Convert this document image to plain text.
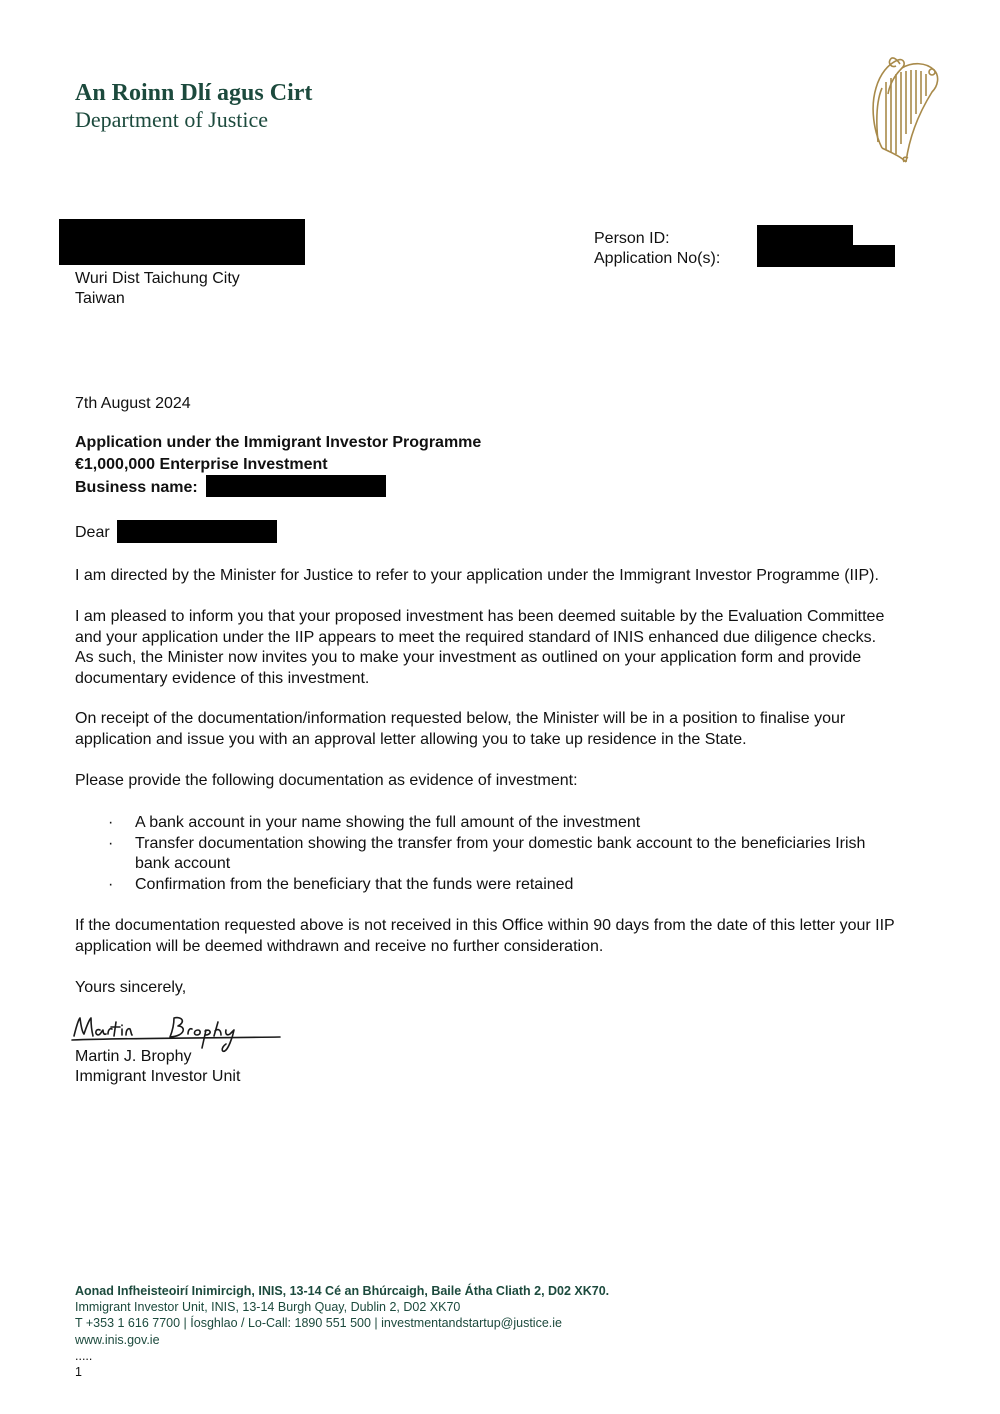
An Roinn Dlí agus Cirt
Department of Justice
Wuri Dist Taichung City
Taiwan
Person ID:
Application No(s):
7th August 2024
Application under the Immigrant Investor Programme
€1,000,000 Enterprise Investment
Business name:
Dear

I am directed by the Minister for Justice to refer to your application under the Immigrant Investor Programme (IIP).

I am pleased to inform you that your proposed investment has been deemed suitable by the Evaluation Committee

and your application under the IIP appears to meet the required standard of INIS enhanced due diligence checks.

As such, the Minister now invites you to make your investment as outlined on your application form and provide

documentary evidence of this investment.

On receipt of the documentation/information requested below, the Minister will be in a position to finalise your

application and issue you with an approval letter allowing you to take up residence in the State.

Please provide the following documentation as evidence of investment:

· A bank account in your name showing the full amount of the investment
· Transfer documentation showing the transfer from your domestic bank account to the beneficiaries Irish
bank account
· Confirmation from the beneficiary that the funds were retained

If the documentation requested above is not received in this Office within 90 days from the date of this letter your IIP

application will be deemed withdrawn and receive no further consideration.

Yours sincerely,
Martin J. Brophy
Immigrant Investor Unit

Aonad Infheisteoirí Inimircigh, INIS, 13-14 Cé an Bhúrcaigh, Baile Átha Cliath 2, D02 XK70.

Immigrant Investor Unit, INIS, 13-14 Burgh Quay, Dublin 2, D02 XK70

T +353 1 616 7700 | Íosghlao / Lo-Call: 1890 551 500 | investmentandstartup@justice.ie

www.inis.gov.ie

.....

1
